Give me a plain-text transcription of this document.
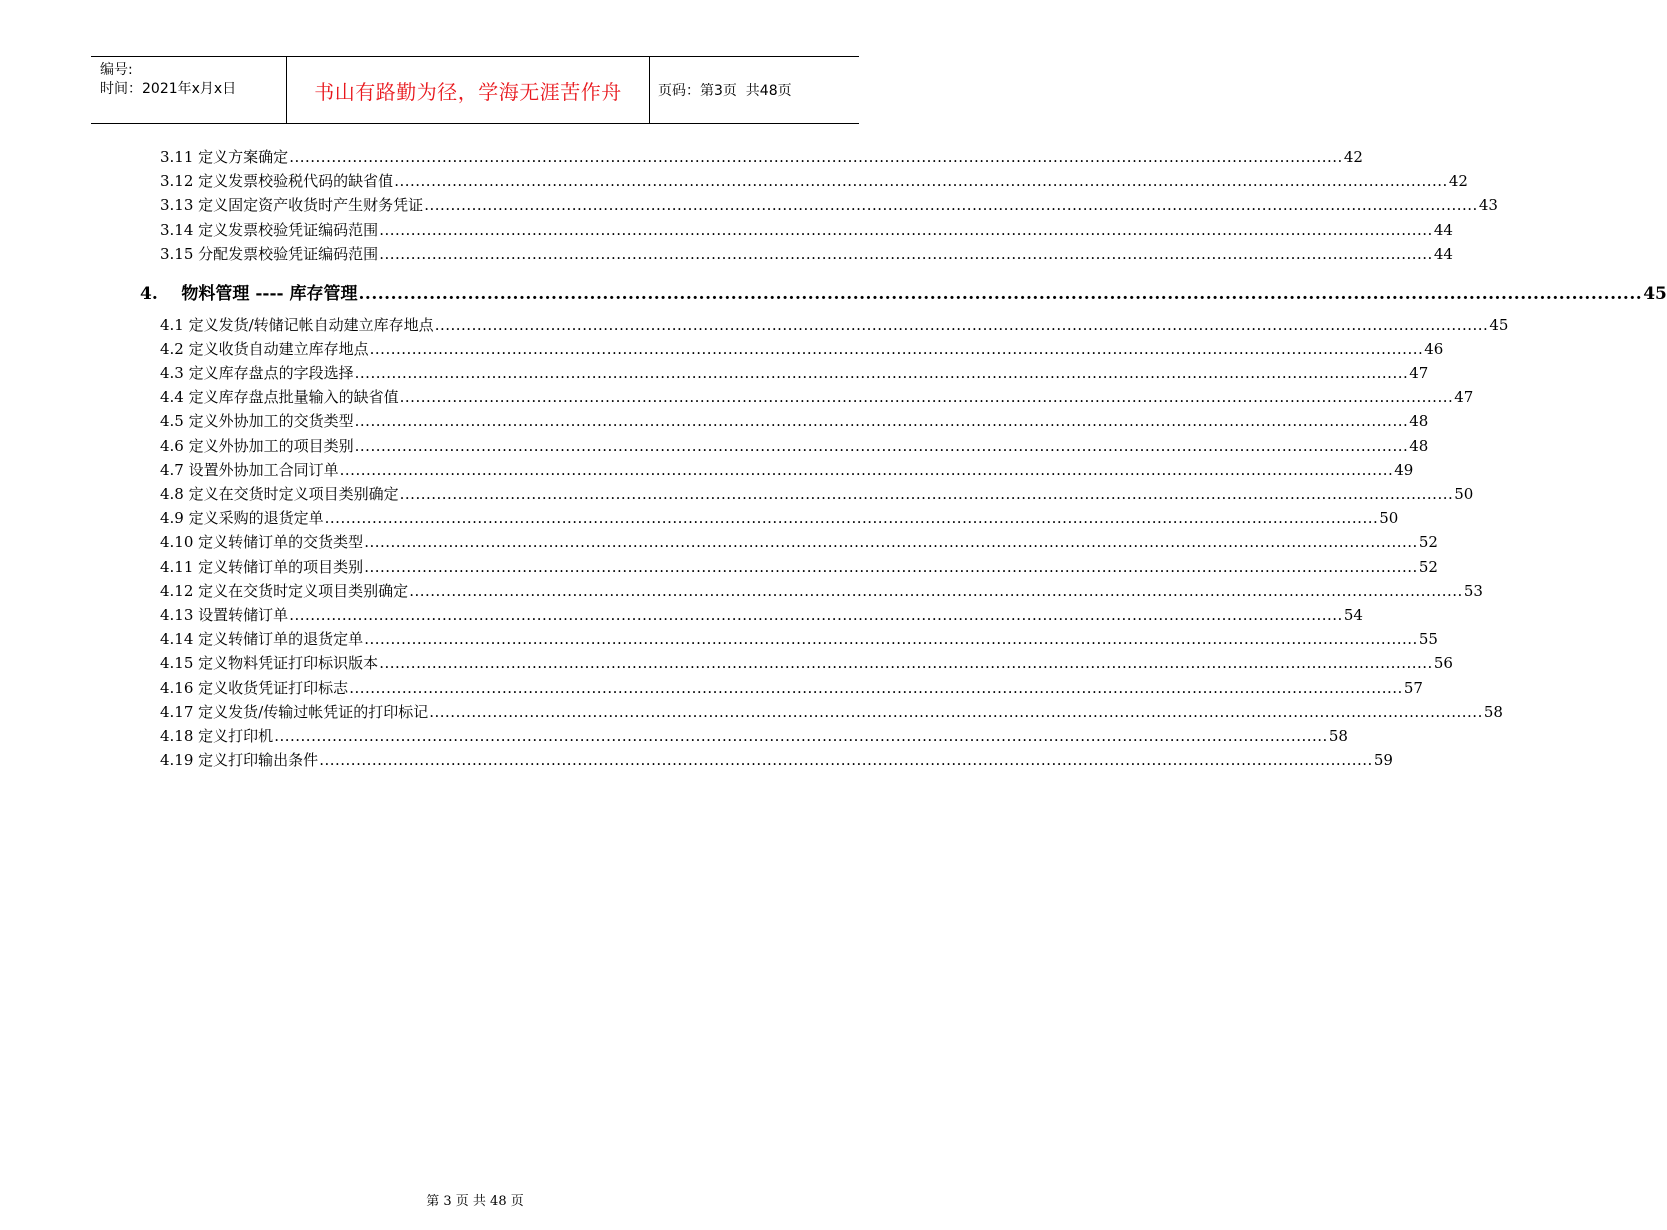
编号:
时间：2021年x月x日	书山有路勤为径，学海无涯苦作舟	页码：第3页  共48页
3.11 定义方案确定 ........................................................................................................................................................................................................ 42
3.12 定义发票校验税代码的缺省值 ........................................................................................................................................................................................................ 42
3.13 定义固定资产收货时产生财务凭证 ........................................................................................................................................................................................................ 43
3.14 定义发票校验凭证编码范围 ........................................................................................................................................................................................................ 44
3.15 分配发票校验凭证编码范围 ........................................................................................................................................................................................................ 44
4. 物料管理 ---- 库存管理 ........................................................................................................................................................................................................ 45
4.1 定义发货/转储记帐自动建立库存地点 ........................................................................................................................................................................................................ 45
4.2 定义收货自动建立库存地点 ........................................................................................................................................................................................................ 46
4.3 定义库存盘点的字段选择 ........................................................................................................................................................................................................ 47
4.4 定义库存盘点批量输入的缺省值 ........................................................................................................................................................................................................ 47
4.5 定义外协加工的交货类型 ........................................................................................................................................................................................................ 48
4.6 定义外协加工的项目类别 ........................................................................................................................................................................................................ 48
4.7 设置外协加工合同订单 ........................................................................................................................................................................................................ 49
4.8 定义在交货时定义项目类别确定 ........................................................................................................................................................................................................ 50
4.9 定义采购的退货定单 ........................................................................................................................................................................................................ 50
4.10 定义转储订单的交货类型 ........................................................................................................................................................................................................ 52
4.11 定义转储订单的项目类别 ........................................................................................................................................................................................................ 52
4.12 定义在交货时定义项目类别确定 ........................................................................................................................................................................................................ 53
4.13 设置转储订单 ........................................................................................................................................................................................................ 54
4.14 定义转储订单的退货定单 ........................................................................................................................................................................................................ 55
4.15 定义物料凭证打印标识版本 ........................................................................................................................................................................................................ 56
4.16 定义收货凭证打印标志 ........................................................................................................................................................................................................ 57
4.17 定义发货/传输过帐凭证的打印标记 ........................................................................................................................................................................................................ 58
4.18 定义打印机 ........................................................................................................................................................................................................ 58
4.19 定义打印输出条件 ........................................................................................................................................................................................................ 59
第 3 页 共 48 页
